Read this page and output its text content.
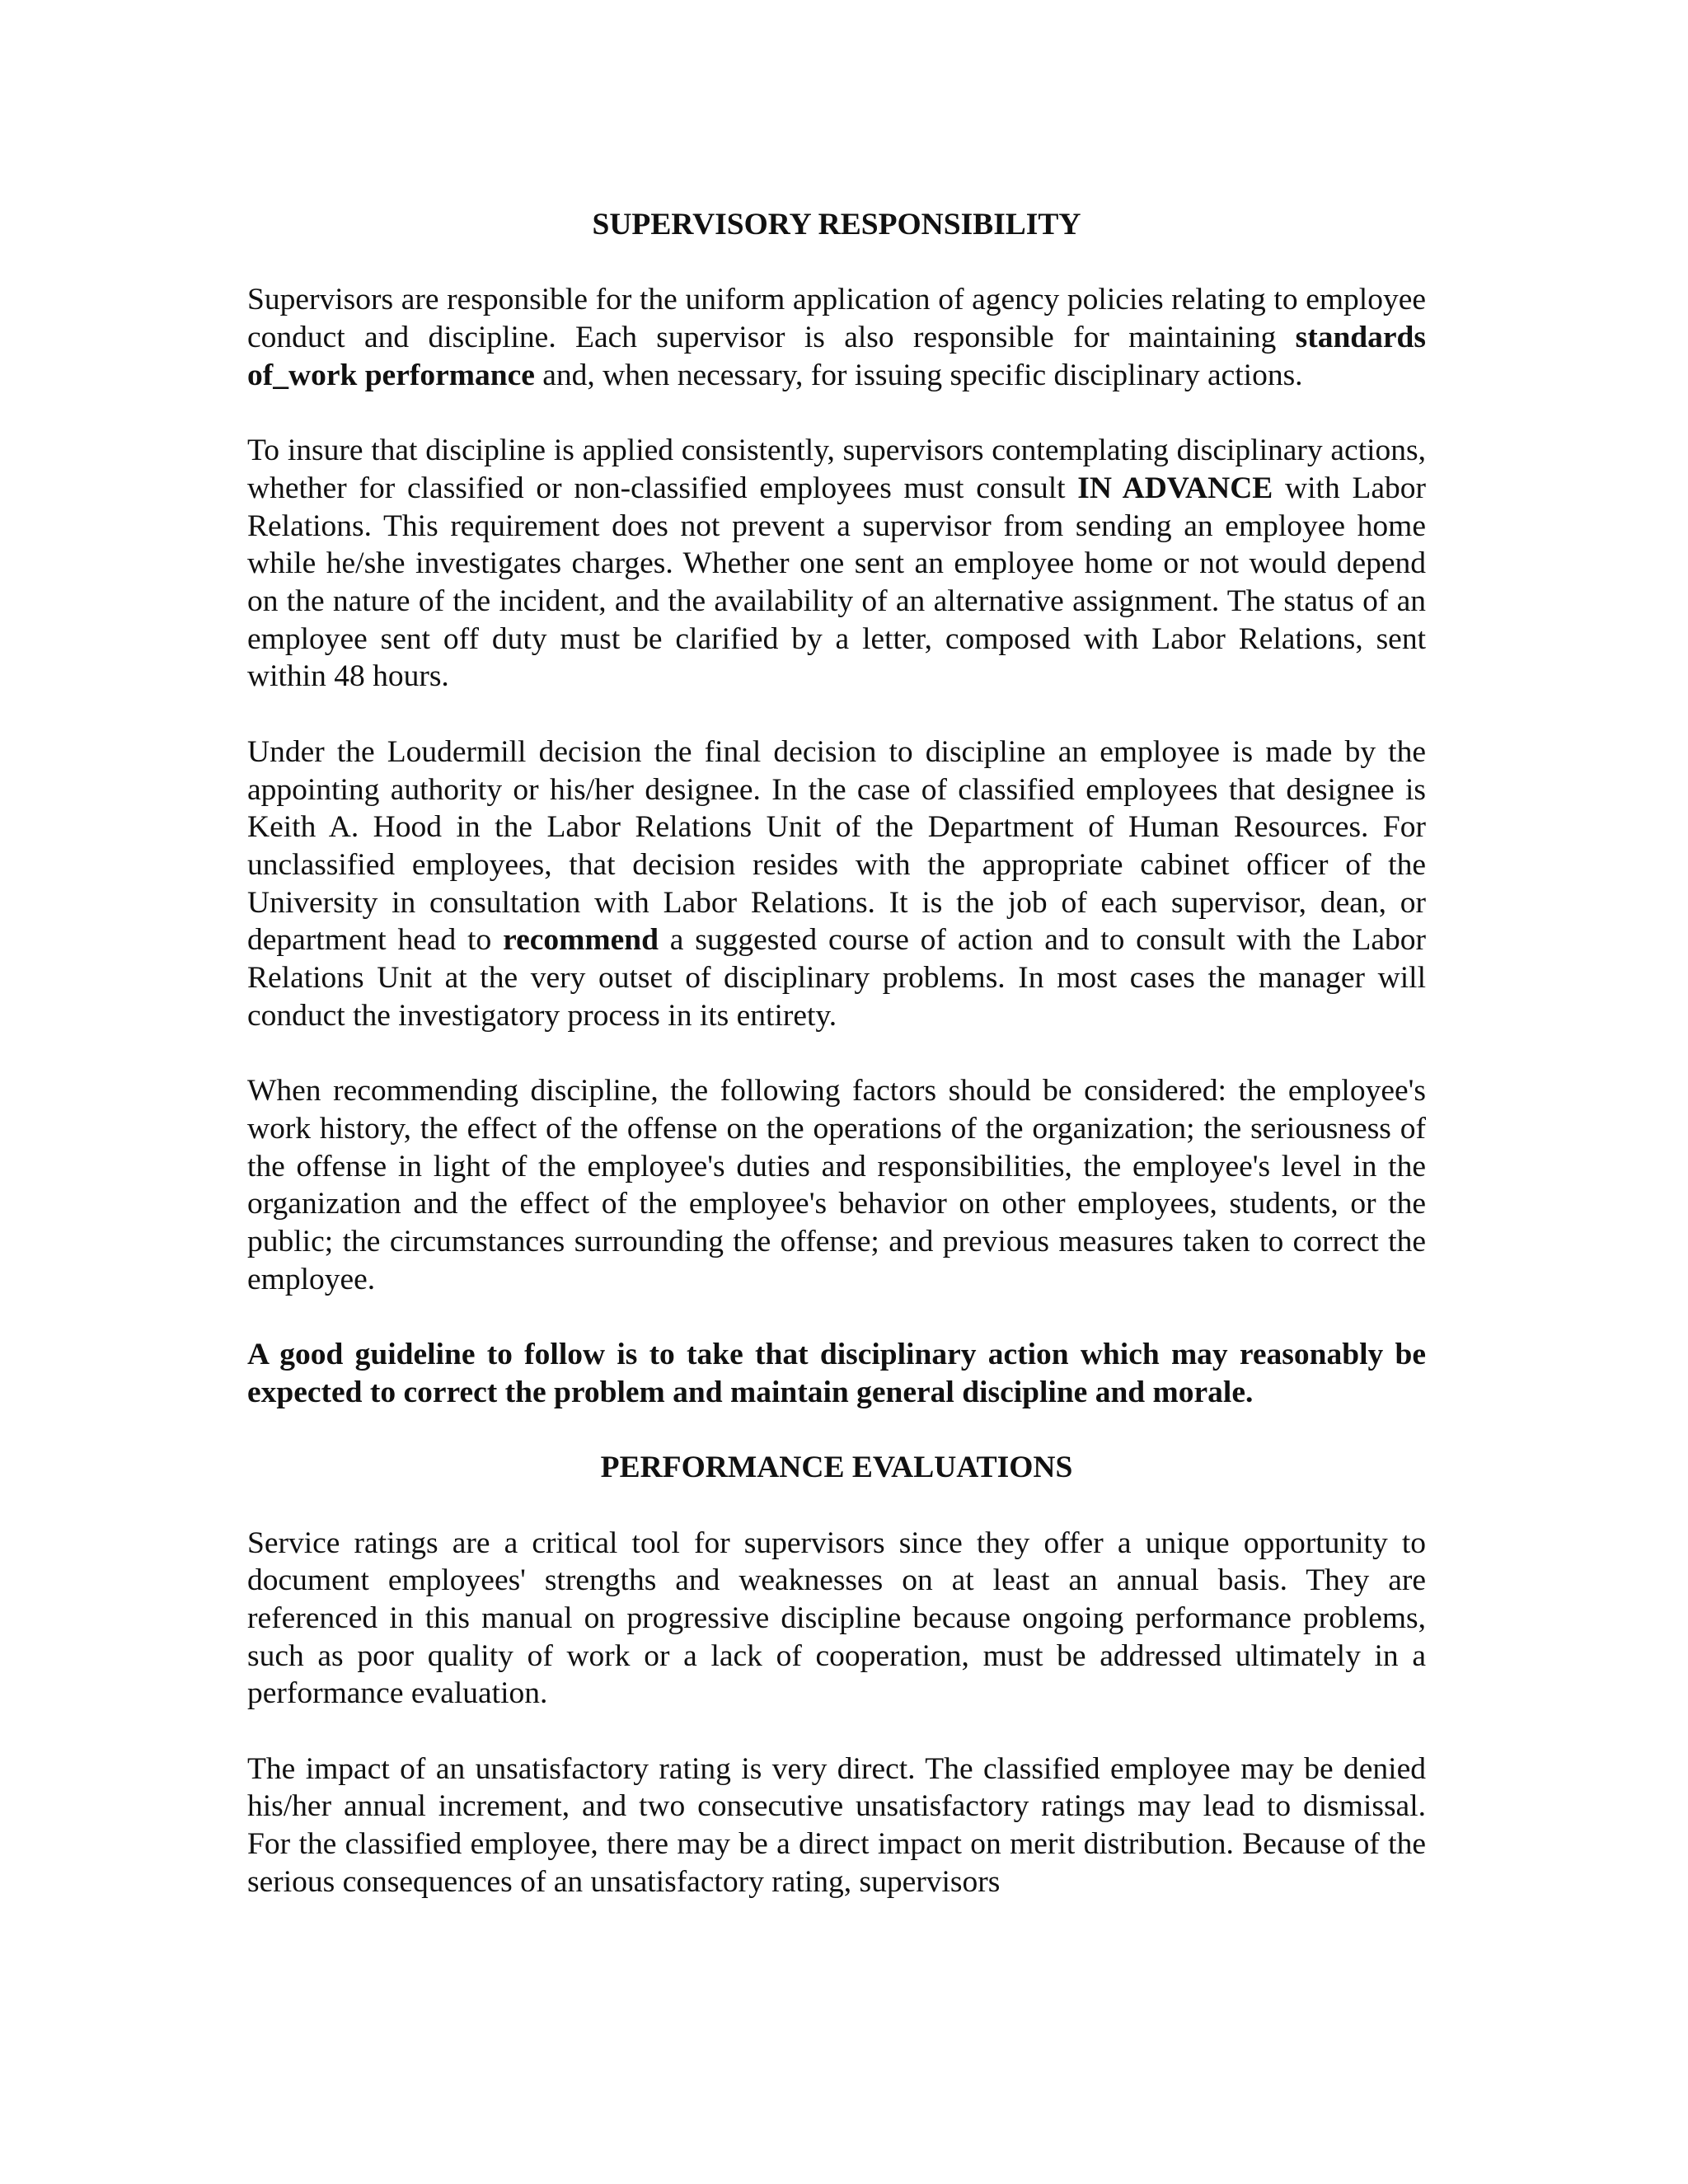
SUPERVISORY RESPONSIBILITY

Supervisors are responsible for the uniform application of agency policies relating to employee conduct and discipline. Each supervisor is also responsible for maintaining standards of_work performance and, when necessary, for issuing specific disciplinary actions.

To insure that discipline is applied consistently, supervisors contemplating disciplinary actions, whether for classified or non-classified employees must consult IN ADVANCE with Labor Relations. This requirement does not prevent a supervisor from sending an employee home while he/she investigates charges. Whether one sent an employee home or not would depend on the nature of the incident, and the availability of an alternative assignment. The status of an employee sent off duty must be clarified by a letter, composed with Labor Relations, sent within 48 hours.

Under the Loudermill decision the final decision to discipline an employee is made by the appointing authority or his/her designee. In the case of classified employees that designee is Keith A. Hood in the Labor Relations Unit of the Department of Human Resources. For unclassified employees, that decision resides with the appropriate cabinet officer of the University in consultation with Labor Relations. It is the job of each supervisor, dean, or department head to recommend a suggested course of action and to consult with the Labor Relations Unit at the very outset of disciplinary problems. In most cases the manager will conduct the investigatory process in its entirety.

When recommending discipline, the following factors should be considered: the employee's work history, the effect of the offense on the operations of the organization; the seriousness of the offense in light of the employee's duties and responsibilities, the employee's level in the organization and the effect of the employee's behavior on other employees, students, or the public; the circumstances surrounding the offense; and previous measures taken to correct the employee.

A good guideline to follow is to take that disciplinary action which may reasonably be expected to correct the problem and maintain general discipline and morale.

PERFORMANCE EVALUATIONS

Service ratings are a critical tool for supervisors since they offer a unique opportunity to document employees' strengths and weaknesses on at least an annual basis. They are referenced in this manual on progressive discipline because ongoing performance problems, such as poor quality of work or a lack of cooperation, must be addressed ultimately in a performance evaluation.

The impact of an unsatisfactory rating is very direct. The classified employee may be denied his/her annual increment, and two consecutive unsatisfactory ratings may lead to dismissal. For the classified employee, there may be a direct impact on merit distribution. Because of the serious consequences of an unsatisfactory rating, supervisors
